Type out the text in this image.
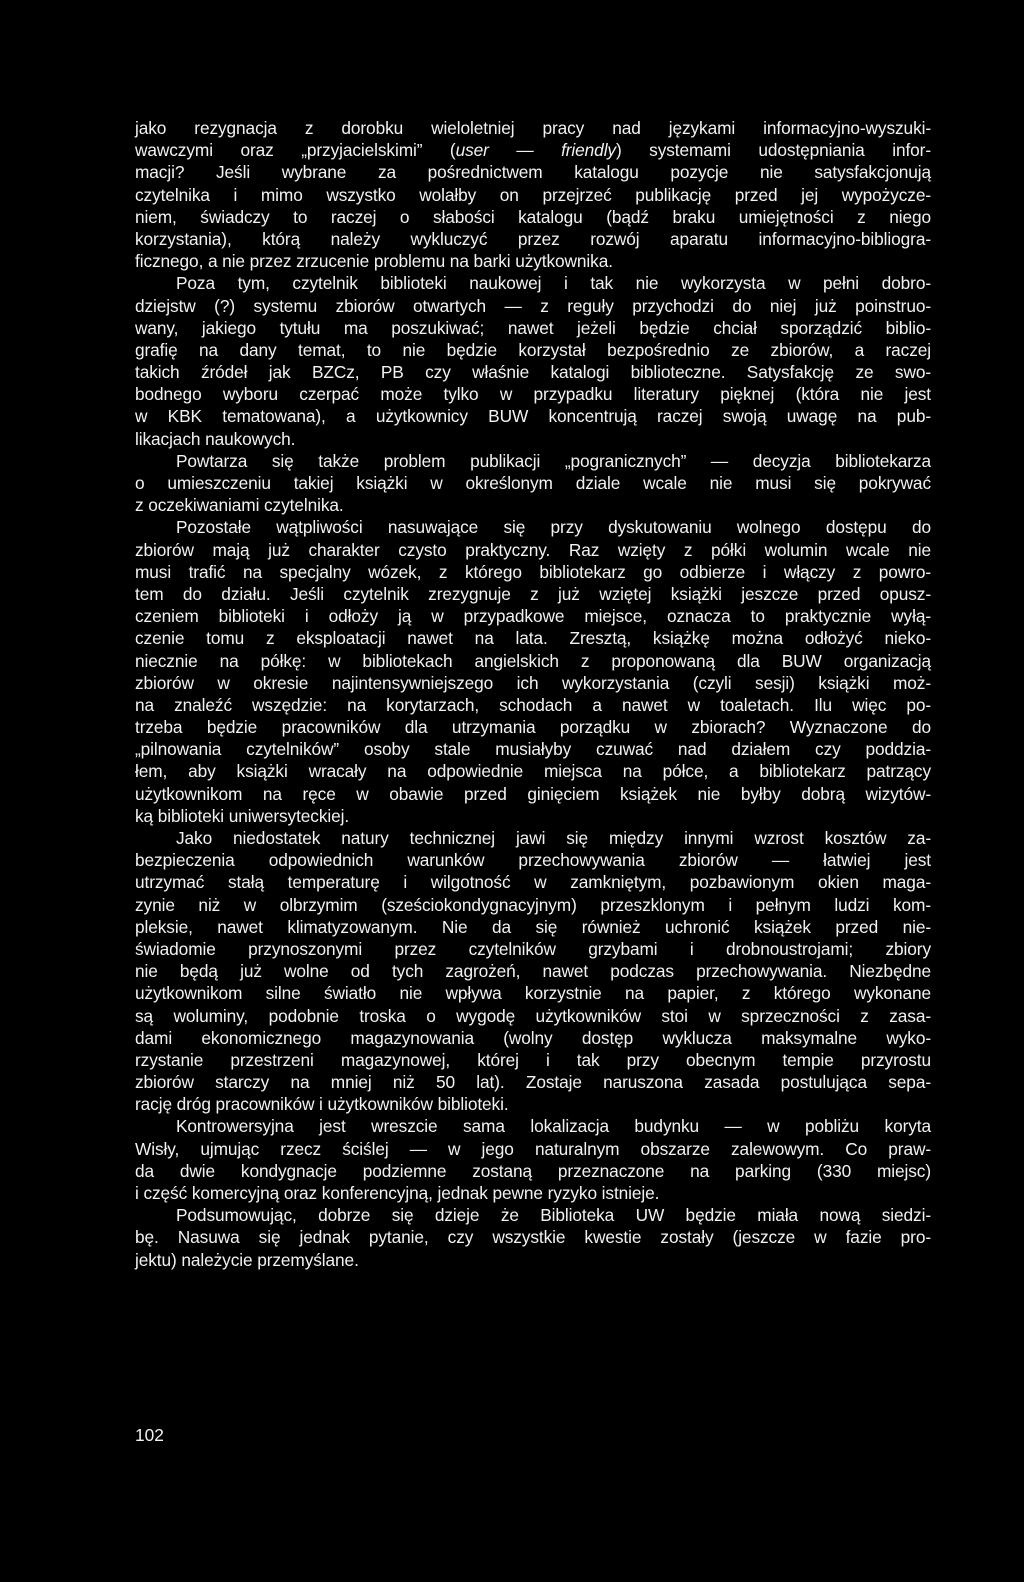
jako rezygnacja z dorobku wieloletniej pracy nad językami informacyjno-wyszuki-
wawczymi oraz „przyjacielskimi” (user — friendly) systemami udostępniania infor-
macji? Jeśli wybrane za pośrednictwem katalogu pozycje nie satysfakcjonują
czytelnika i mimo wszystko wolałby on przejrzeć publikację przed jej wypożycze-
niem, świadczy to raczej o słabości katalogu (bądź braku umiejętności z niego
korzystania), którą należy wykluczyć przez rozwój aparatu informacyjno-bibliogra-
ficznego, a nie przez zrzucenie problemu na barki użytkownika.
Poza tym, czytelnik biblioteki naukowej i tak nie wykorzysta w pełni dobro-
dziejstw (?) systemu zbiorów otwartych — z reguły przychodzi do niej już poinstruo-
wany, jakiego tytułu ma poszukiwać; nawet jeżeli będzie chciał sporządzić biblio-
grafię na dany temat, to nie będzie korzystał bezpośrednio ze zbiorów, a raczej
takich źródeł jak BZCz, PB czy właśnie katalogi biblioteczne. Satysfakcję ze swo-
bodnego wyboru czerpać może tylko w przypadku literatury pięknej (która nie jest
w KBK tematowana), a użytkownicy BUW koncentrują raczej swoją uwagę na pub-
likacjach naukowych.
Powtarza się także problem publikacji „pogranicznych” — decyzja bibliotekarza
o umieszczeniu takiej książki w określonym dziale wcale nie musi się pokrywać
z oczekiwaniami czytelnika.
Pozostałe wątpliwości nasuwające się przy dyskutowaniu wolnego dostępu do
zbiorów mają już charakter czysto praktyczny. Raz wzięty z półki wolumin wcale nie
musi trafić na specjalny wózek, z którego bibliotekarz go odbierze i włączy z powro-
tem do działu. Jeśli czytelnik zrezygnuje z już wziętej książki jeszcze przed opusz-
czeniem biblioteki i odłoży ją w przypadkowe miejsce, oznacza to praktycznie wyłą-
czenie tomu z eksploatacji nawet na lata. Zresztą, książkę można odłożyć nieko-
niecznie na półkę: w bibliotekach angielskich z proponowaną dla BUW organizacją
zbiorów w okresie najintensywniejszego ich wykorzystania (czyli sesji) książki moż-
na znaleźć wszędzie: na korytarzach, schodach a nawet w toaletach. Ilu więc po-
trzeba będzie pracowników dla utrzymania porządku w zbiorach? Wyznaczone do
„pilnowania czytelników” osoby stale musiałyby czuwać nad działem czy poddzia-
łem, aby książki wracały na odpowiednie miejsca na półce, a bibliotekarz patrzący
użytkownikom na ręce w obawie przed ginięciem książek nie byłby dobrą wizytów-
ką biblioteki uniwersyteckiej.
Jako niedostatek natury technicznej jawi się między innymi wzrost kosztów za-
bezpieczenia odpowiednich warunków przechowywania zbiorów — łatwiej jest
utrzymać stałą temperaturę i wilgotność w zamkniętym, pozbawionym okien maga-
zynie niż w olbrzymim (sześciokondygnacyjnym) przeszklonym i pełnym ludzi kom-
pleksie, nawet klimatyzowanym. Nie da się również uchronić książek przed nie-
świadomie przynoszonymi przez czytelników grzybami i drobnoustrojami; zbiory
nie będą już wolne od tych zagrożeń, nawet podczas przechowywania. Niezbędne
użytkownikom silne światło nie wpływa korzystnie na papier, z którego wykonane
są woluminy, podobnie troska o wygodę użytkowników stoi w sprzeczności z zasa-
dami ekonomicznego magazynowania (wolny dostęp wyklucza maksymalne wyko-
rzystanie przestrzeni magazynowej, której i tak przy obecnym tempie przyrostu
zbiorów starczy na mniej niż 50 lat). Zostaje naruszona zasada postulująca sepa-
rację dróg pracowników i użytkowników biblioteki.
Kontrowersyjna jest wreszcie sama lokalizacja budynku — w pobliżu koryta
Wisły, ujmując rzecz ściślej — w jego naturalnym obszarze zalewowym. Co praw-
da dwie kondygnacje podziemne zostaną przeznaczone na parking (330 miejsc)
i część komercyjną oraz konferencyjną, jednak pewne ryzyko istnieje.
Podsumowując, dobrze się dzieje że Biblioteka UW będzie miała nową siedzi-
bę. Nasuwa się jednak pytanie, czy wszystkie kwestie zostały (jeszcze w fazie pro-
jektu) należycie przemyślane.
102
